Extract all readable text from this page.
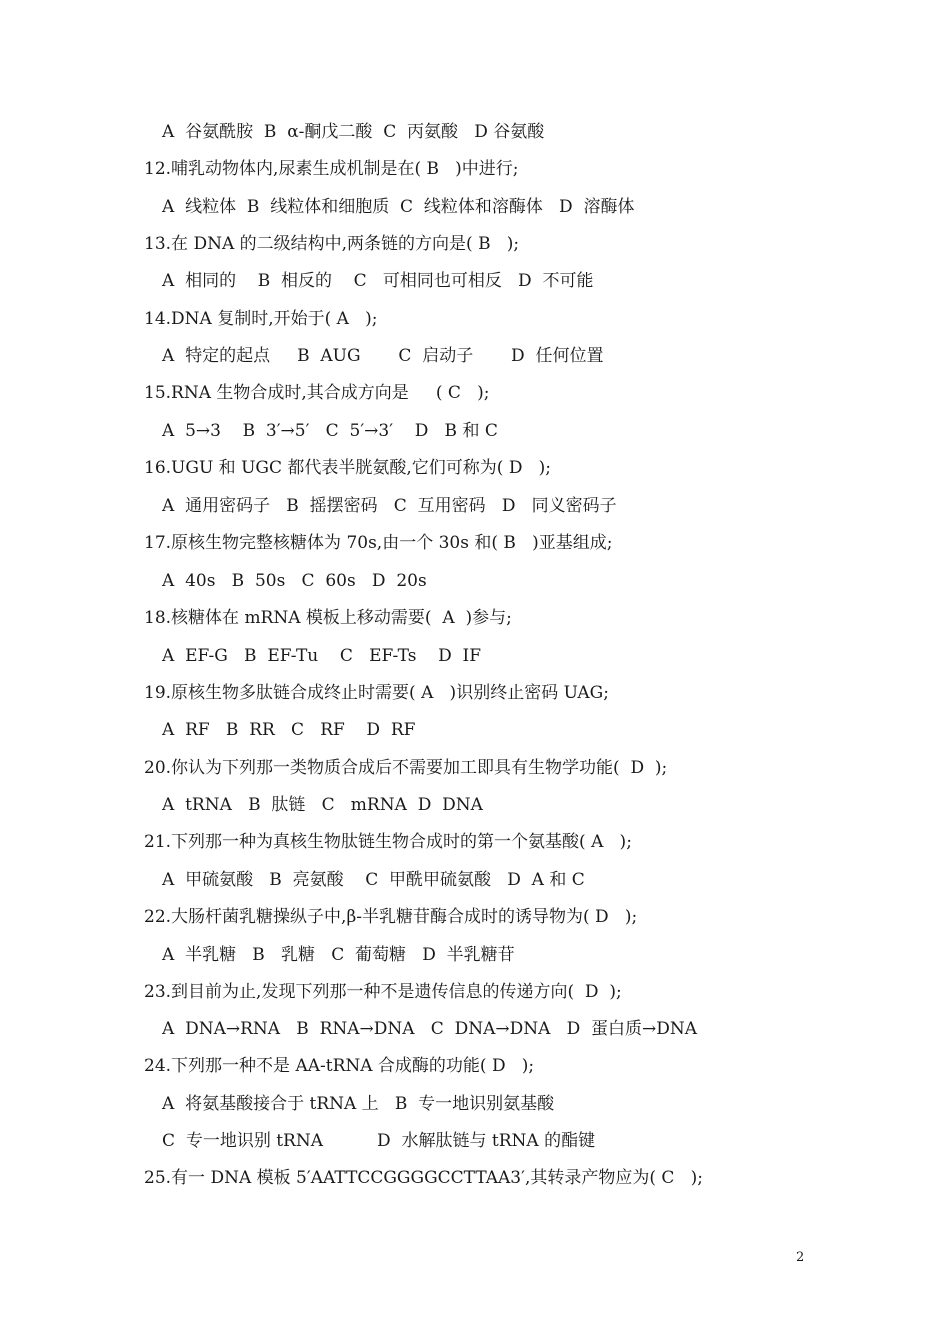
A  谷氨酰胺  B  α-酮戊二酸  C  丙氨酸   D 谷氨酸
12.哺乳动物体内,尿素生成机制是在( B   )中进行;
A  线粒体  B  线粒体和细胞质  C  线粒体和溶酶体   D  溶酶体
13.在 DNA 的二级结构中,两条链的方向是( B   );
A  相同的    B  相反的    C   可相同也可相反   D  不可能
14.DNA 复制时,开始于( A   );
A  特定的起点     B  AUG       C  启动子       D  任何位置
15.RNA 生物合成时,其合成方向是     ( C   );
A  5→3    B  3′→5′   C  5′→3′    D   B 和 C
16.UGU 和 UGC 都代表半胱氨酸,它们可称为( D   );
A  通用密码子   B  摇摆密码   C  互用密码   D   同义密码子
17.原核生物完整核糖体为 70s,由一个 30s 和( B   )亚基组成;
A  40s   B  50s   C  60s   D  20s
18.核糖体在 mRNA 模板上移动需要(  A  )参与;
A  EF-G   B  EF-Tu    C   EF-Ts    D  IF
19.原核生物多肽链合成终止时需要( A   )识别终止密码 UAG;
A  RF   B  RR   C   RF    D  RF
20.你认为下列那一类物质合成后不需要加工即具有生物学功能(  D  );
A  tRNA   B  肽链   C   mRNA  D  DNA
21.下列那一种为真核生物肽链生物合成时的第一个氨基酸( A   );
A  甲硫氨酸   B  亮氨酸    C  甲酰甲硫氨酸   D  A 和 C
22.大肠杆菌乳糖操纵子中,β-半乳糖苷酶合成时的诱导物为( D   );
A  半乳糖   B   乳糖   C  葡萄糖   D  半乳糖苷
23.到目前为止,发现下列那一种不是遗传信息的传递方向(  D  );
A  DNA→RNA   B  RNA→DNA   C  DNA→DNA   D  蛋白质→DNA
24.下列那一种不是 AA-tRNA 合成酶的功能( D   );
A  将氨基酸接合于 tRNA 上   B  专一地识别氨基酸
C  专一地识别 tRNA          D  水解肽链与 tRNA 的酯键
25.有一 DNA 模板 5′AATTCCGGGGCCTTAA3′,其转录产物应为( C   );
2
